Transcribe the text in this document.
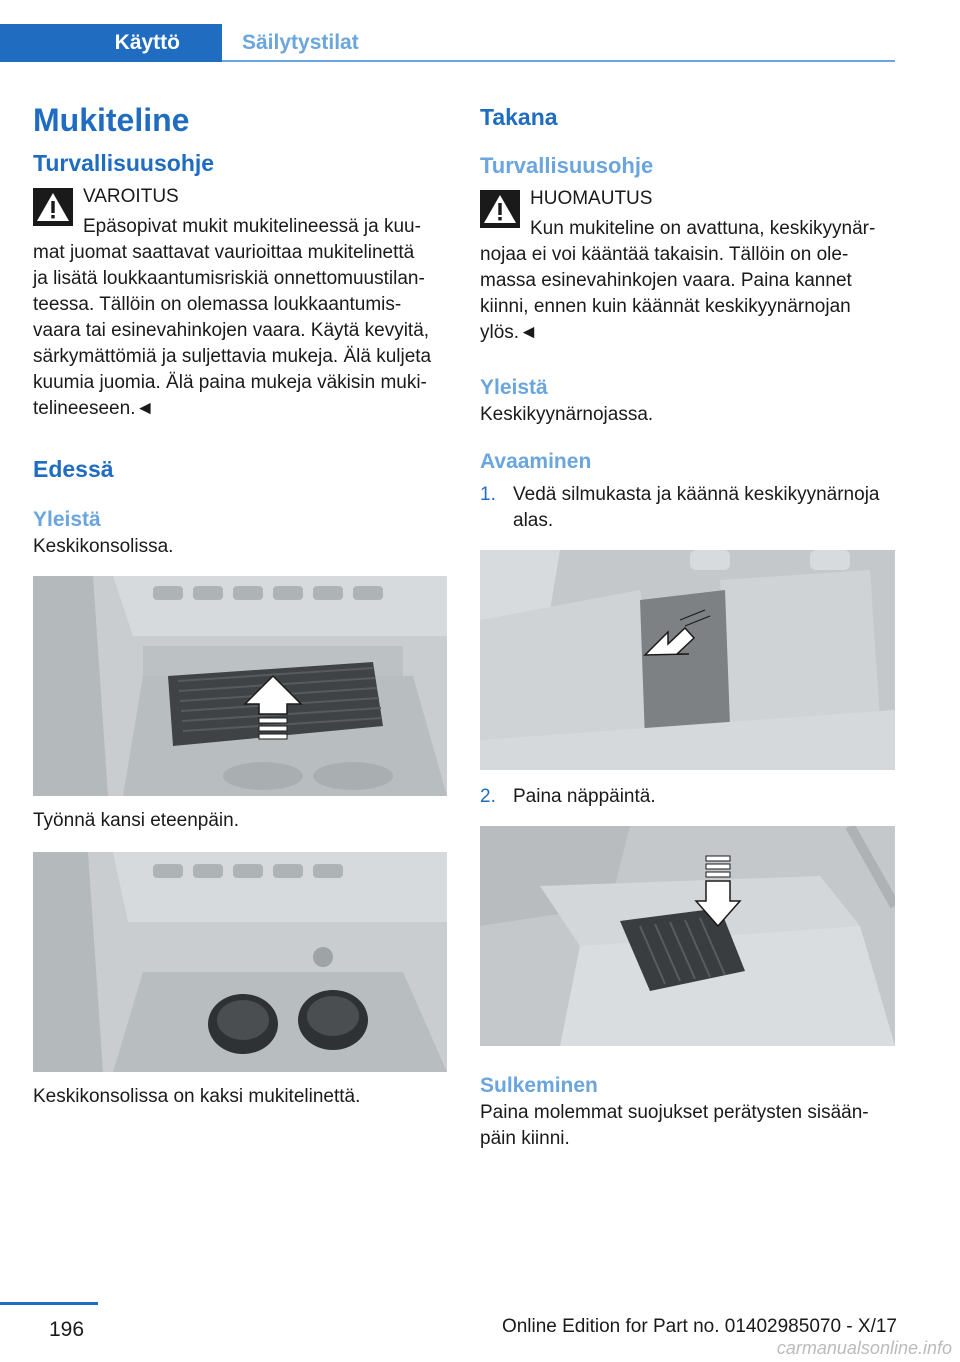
Käyttö	Säilytystilat
Mukiteline
Turvallisuusohje
VAROITUS
Epäsopivat mukit mukitelineessä ja kuu-
mat juomat saattavat vaurioittaa mukitelinettä
ja lisätä loukkaantumisriskiä onnettomuustilan-
teessa. Tällöin on olemassa loukkaantumis-
vaara tai esinevahinkojen vaara. Käytä kevyitä,
särkymättömiä ja suljettavia mukeja. Älä kuljeta
kuumia juomia. Älä paina mukeja väkisin muki-
telineeseen.◄
Edessä
Yleistä

Keskikonsolissa.

Työnnä kansi eteenpäin.

Keskikonsolissa on kaksi mukitelinettä.

Takana
Turvallisuusohje
HUOMAUTUS
Kun mukiteline on avattuna, keskikyynär-
nojaa ei voi kääntää takaisin. Tällöin on ole-
massa esinevahinkojen vaara. Paina kannet
kiinni, ennen kuin käännät keskikyynärnojan
ylös.◄
Yleistä

Keskikyynärnojassa.

Avaaminen
1. Vedä silmukasta ja käännä keskikyynärnoja
alas.
2. Paina näppäintä.
Sulkeminen
Paina molemmat suojukset perätysten sisään-
päin kiinni.
196	Online Edition for Part no. 01402985070 - X/17
carmanualsonline.info
